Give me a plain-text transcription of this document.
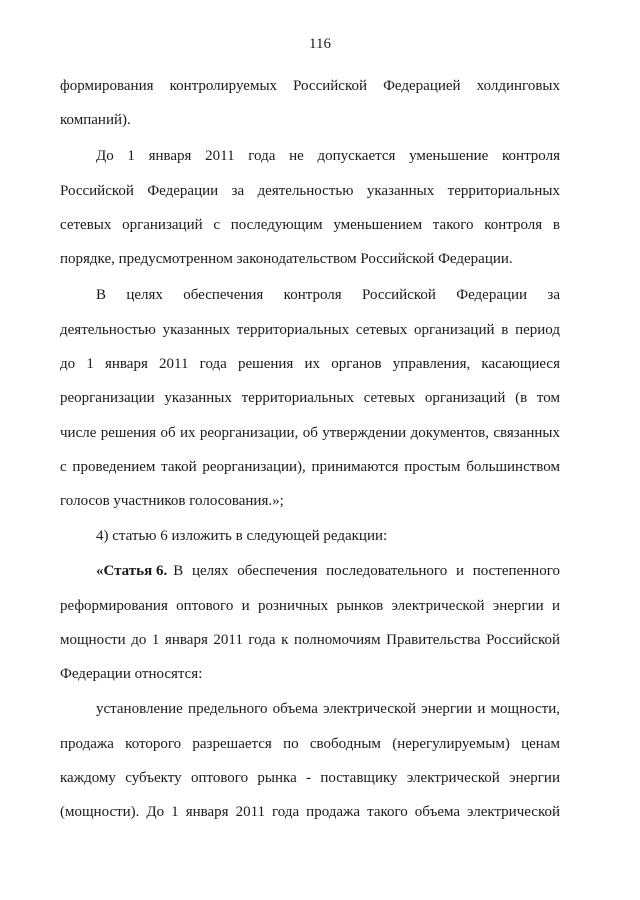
116
формирования контролируемых Российской Федерацией холдинговых
компаний).
До 1 января 2011 года не допускается уменьшение контроля
Российской Федерации за деятельностью указанных территориальных
сетевых организаций с последующим уменьшением такого контроля в
порядке, предусмотренном законодательством Российской Федерации.
В целях обеспечения контроля Российской Федерации за
деятельностью указанных территориальных сетевых организаций в период
до 1 января 2011 года решения их органов управления, касающиеся
реорганизации указанных территориальных сетевых организаций (в том
числе решения об их реорганизации, об утверждении документов, связанных
с проведением такой реорганизации), принимаются простым большинством
голосов участников голосования.»;
4) статью 6 изложить в следующей редакции:
«Статья 6. В целях обеспечения последовательного и постепенного
реформирования оптового и розничных рынков электрической энергии и
мощности до 1 января 2011 года к полномочиям Правительства Российской
Федерации относятся:
установление предельного объема электрической энергии и мощности,
продажа которого разрешается по свободным (нерегулируемым) ценам
каждому субъекту оптового рынка - поставщику электрической энергии
(мощности). До 1 января 2011 года продажа такого объема электрической
